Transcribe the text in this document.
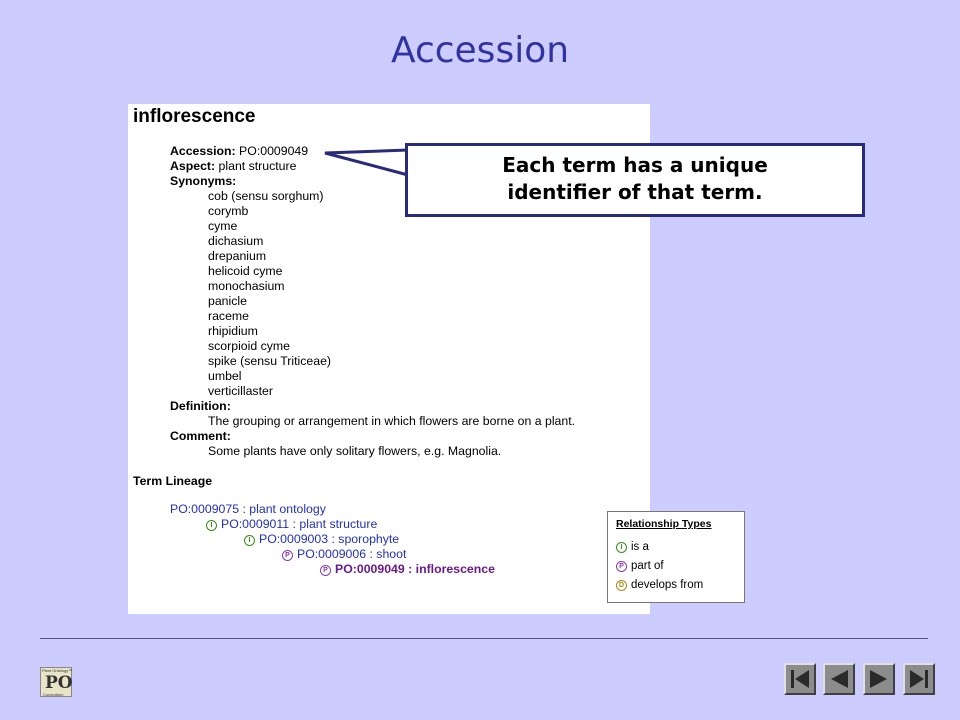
Accession
inflorescence
Accession: PO:0009049
Aspect: plant structure
Synonyms:
cob (sensu sorghum)
corymb
cyme
dichasium
drepanium
helicoid cyme
monochasium
panicle
raceme
rhipidium
scorpioid cyme
spike (sensu Triticeae)
umbel
verticillaster
Definition:
The grouping or arrangement in which flowers are borne on a plant.
Comment:
Some plants have only solitary flowers, e.g. Magnolia.
Term Lineage
PO:0009075 : plant ontology
I PO:0009011 : plant structure
I PO:0009003 : sporophyte
P PO:0009006 : shoot
P PO:0009049 : inflorescence
Relationship Types
I is a
P part of
D develops from
Each term has a unique
identifier of that term.
Plant Ontology™
PO
Consortium
